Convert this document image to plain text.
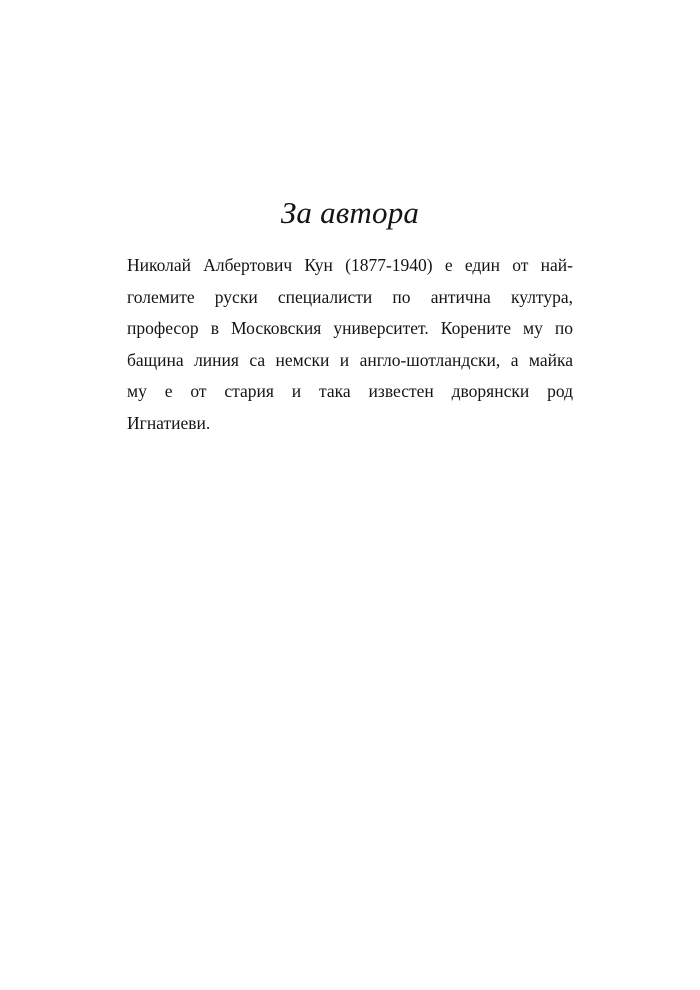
За автора
Николай Албертович Кун (1877-1940) е един от най-
големите руски специалисти по антична култура,
професор в Московския университет. Корените му по
бащина линия са немски и англо-шотландски, а майка
му е от стария и така известен дворянски род
Игнатиеви.
